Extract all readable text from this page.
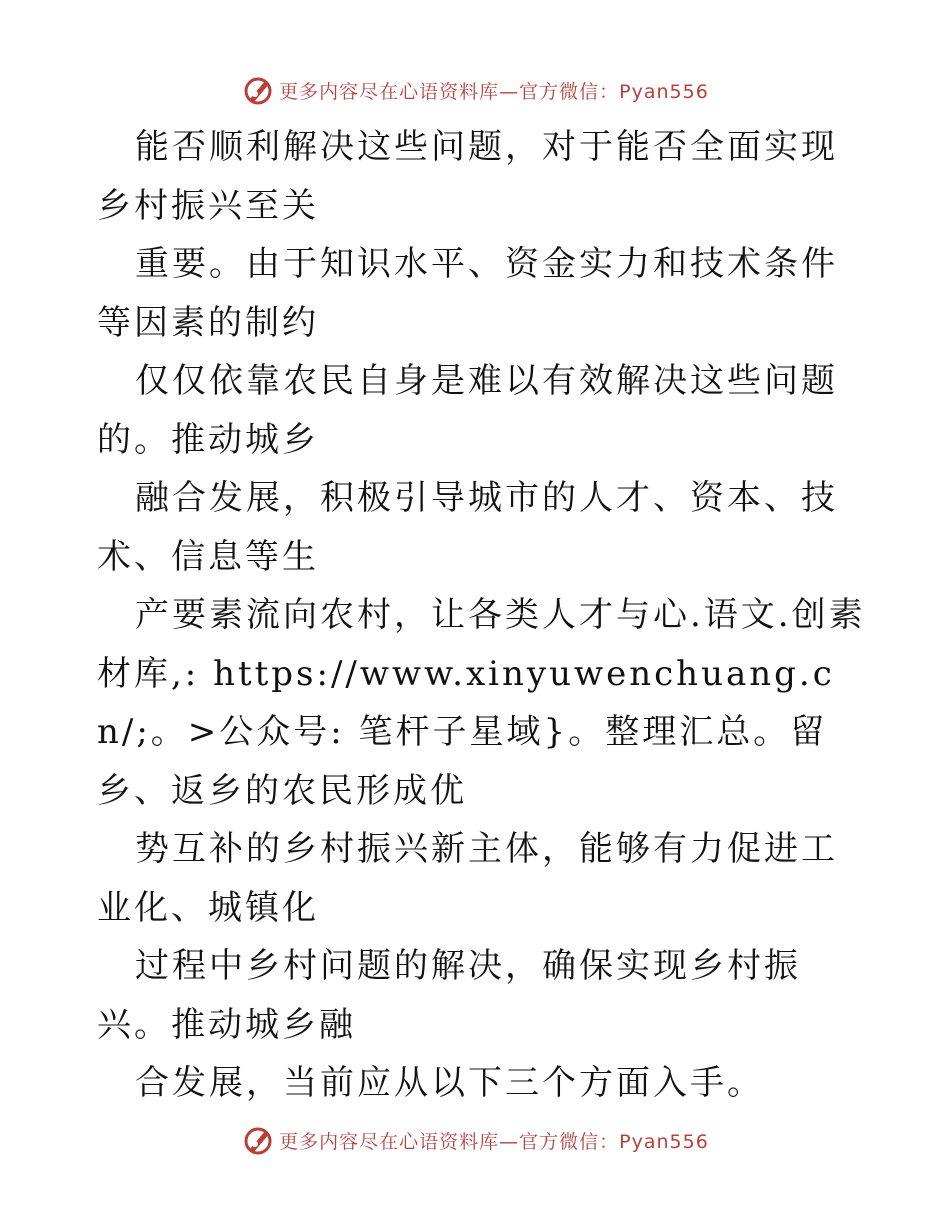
更多内容尽在心语资料库—官方微信：Pyan556

能否顺利解决这些问题，对于能否全面实现乡村振兴至关

重要。由于知识水平、资金实力和技术条件等因素的制约

仅仅依靠农民自身是难以有效解决这些问题的。推动城乡

融合发展，积极引导城市的人才、资本、技术、信息等生

产要素流向农村，让各类人才与心.语文.创素材库,: https://www.xinyuwenchuang.cn/;。>公众号: 笔杆子星域}。整理汇总。留乡、返乡的农民形成优

势互补的乡村振兴新主体，能够有力促进工业化、城镇化

过程中乡村问题的解决，确保实现乡村振兴。推动城乡融

合发展，当前应从以下三个方面入手。

更多内容尽在心语资料库—官方微信：Pyan556
